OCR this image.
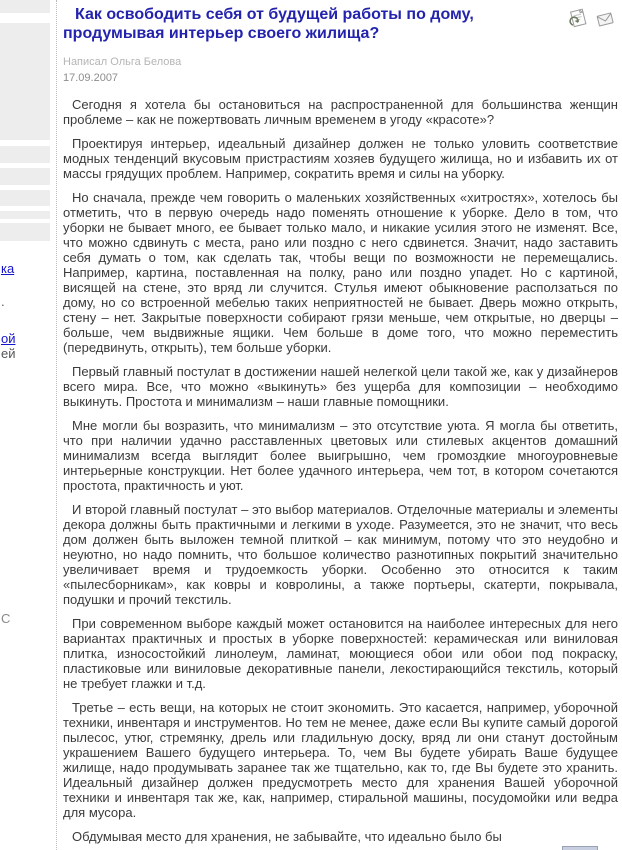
ка
.
ой
ей
С
Как освободить себя от будущей работы по дому, продумывая интерьер своего жилища?
Написал Ольга Белова
17.09.2007

Сегодня я хотела бы остановиться на распространенной для большинства женщин проблеме – как не пожертвовать личным временем в угоду «красоте»?

Проектируя интерьер, идеальный дизайнер должен не только уловить соответствие модных тенденций вкусовым пристрастиям хозяев будущего жилища, но и избавить их от массы грядущих проблем. Например, сократить время и силы на уборку.

Но сначала, прежде чем говорить о маленьких хозяйственных «хитростях», хотелось бы отметить, что в первую очередь надо поменять отношение к уборке. Дело в том, что уборки не бывает много, ее бывает только мало, и никакие усилия этого не изменят. Все, что можно сдвинуть с места, рано или поздно с него сдвинется. Значит, надо заставить себя думать о том, как сделать так, чтобы вещи по возможности не перемещались. Например, картина, поставленная на полку, рано или поздно упадет. Но с картиной, висящей на стене, это вряд ли случится. Стулья имеют обыкновение расползаться по дому, но со встроенной мебелью таких неприятностей не бывает. Дверь можно открыть, стену – нет. Закрытые поверхности собирают грязи меньше, чем открытые, но дверцы – больше, чем выдвижные ящики. Чем больше в доме того, что можно переместить (передвинуть, открыть), тем больше уборки.

Первый главный постулат в достижении нашей нелегкой цели такой же, как у дизайнеров всего мира. Все, что можно «выкинуть» без ущерба для композиции – необходимо выкинуть. Простота и минимализм – наши главные помощники.

Мне могли бы возразить, что минимализм – это отсутствие уюта. Я могла бы ответить, что при наличии удачно расставленных цветовых или стилевых акцентов домашний минимализм всегда выглядит более выигрышно, чем громоздкие многоуровневые интерьерные конструкции. Нет более удачного интерьера, чем тот, в котором сочетаются простота, практичность и уют.

И второй главный постулат – это выбор материалов. Отделочные материалы и элементы декора должны быть практичными и легкими в уходе. Разумеется, это не значит, что весь дом должен быть выложен темной плиткой – как минимум, потому что это неудобно и неуютно, но надо помнить, что большое количество разнотипных покрытий значительно увеличивает время и трудоемкость уборки. Особенно это относится к таким «пылесборникам», как ковры и ковролины, а также портьеры, скатерти, покрывала, подушки и прочий текстиль.

При современном выборе каждый может остановится на наиболее интересных для него вариантах практичных и простых в уборке поверхностей: керамическая или виниловая плитка, износостойкий линолеум, ламинат, моющиеся обои или обои под покраску, пластиковые или виниловые декоративные панели, лекостирающийся текстиль, который не требует глажки и т.д.

Третье – есть вещи, на которых не стоит экономить. Это касается, например, уборочной техники, инвентаря и инструментов. Но тем не менее, даже если Вы купите самый дорогой пылесос, утюг, стремянку, дрель или гладильную доску, вряд ли они станут достойным украшением Вашего будущего интерьера. То, чем Вы будете убирать Ваше будущее жилище, надо продумывать заранее так же тщательно, как то, где Вы будете это хранить. Идеальный дизайнер должен предусмотреть место для хранения Вашей уборочной техники и инвентаря так же, как, например, стиральной машины, посудомойки или ведра для мусора.

Обдумывая место для хранения, не забывайте, что идеально было бы
